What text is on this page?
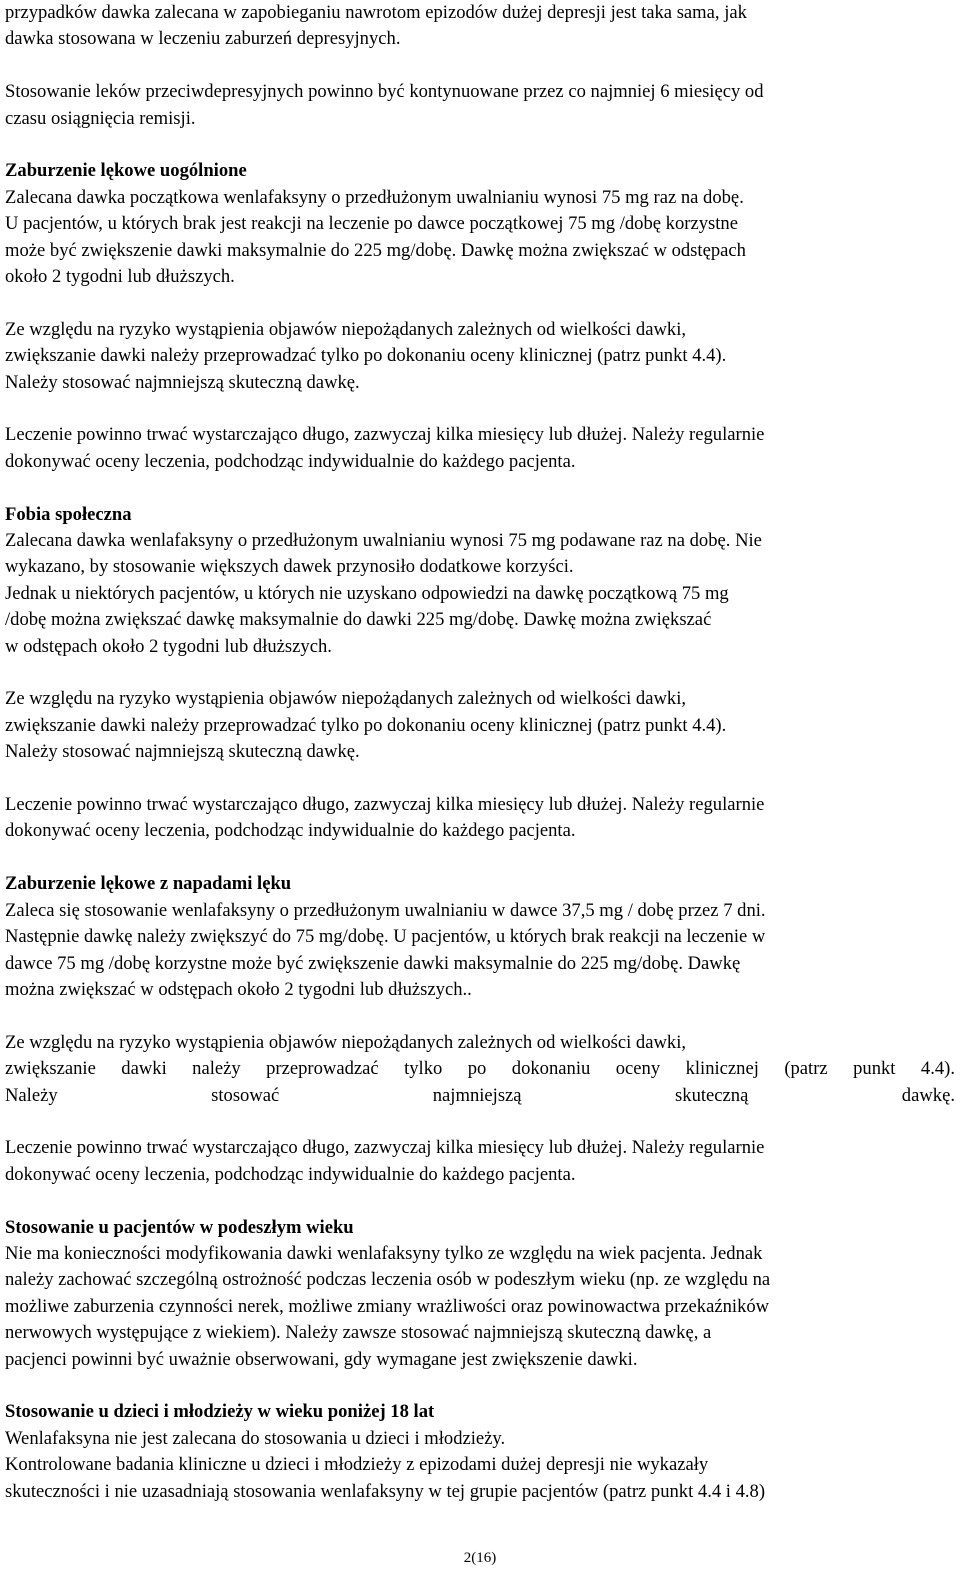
przypadków dawka zalecana w zapobieganiu nawrotom epizodów dużej depresji jest taka sama, jak
dawka stosowana w leczeniu zaburzeń depresyjnych.
Stosowanie leków przeciwdepresyjnych powinno być kontynuowane przez co najmniej 6 miesięcy od
czasu osiągnięcia remisji.
Zaburzenie lękowe uogólnione
Zalecana dawka początkowa wenlafaksyny o przedłużonym uwalnianiu wynosi 75 mg raz na dobę.
U pacjentów, u których brak jest reakcji na leczenie po dawce początkowej 75 mg /dobę korzystne
może być zwiększenie dawki maksymalnie do 225 mg/dobę. Dawkę można zwiększać w odstępach
około 2 tygodni lub dłuższych.
Ze względu na ryzyko wystąpienia objawów niepożądanych zależnych od wielkości dawki,
zwiększanie dawki należy przeprowadzać tylko po dokonaniu oceny klinicznej (patrz punkt 4.4).
Należy stosować najmniejszą skuteczną dawkę.
Leczenie powinno trwać wystarczająco długo, zazwyczaj kilka miesięcy lub dłużej. Należy regularnie
dokonywać oceny leczenia, podchodząc indywidualnie do każdego pacjenta.
Fobia społeczna
Zalecana dawka wenlafaksyny o przedłużonym uwalnianiu wynosi 75 mg podawane raz na dobę. Nie
wykazano, by stosowanie większych dawek przynosiło dodatkowe korzyści.
Jednak u niektórych pacjentów, u których nie uzyskano odpowiedzi na dawkę początkową 75 mg
/dobę można zwiększać dawkę maksymalnie do dawki 225 mg/dobę. Dawkę można zwiększać
w odstępach około 2 tygodni lub dłuższych.
Ze względu na ryzyko wystąpienia objawów niepożądanych zależnych od wielkości dawki,
zwiększanie dawki należy przeprowadzać tylko po dokonaniu oceny klinicznej (patrz punkt 4.4).
Należy stosować najmniejszą skuteczną dawkę.
Leczenie powinno trwać wystarczająco długo, zazwyczaj kilka miesięcy lub dłużej. Należy regularnie
dokonywać oceny leczenia, podchodząc indywidualnie do każdego pacjenta.
Zaburzenie lękowe z napadami lęku
Zaleca się stosowanie wenlafaksyny o przedłużonym uwalnianiu w dawce 37,5 mg / dobę przez 7 dni.
Następnie dawkę należy zwiększyć do 75 mg/dobę. U pacjentów, u których brak reakcji na leczenie w
dawce 75 mg /dobę korzystne może być zwiększenie dawki maksymalnie do 225 mg/dobę. Dawkę
można zwiększać w odstępach około 2 tygodni lub dłuższych..
Ze względu na ryzyko wystąpienia objawów niepożądanych zależnych od wielkości dawki,
zwiększanie dawki należy przeprowadzać tylko po dokonaniu oceny klinicznej (patrz punkt 4.4).
Należy stosować najmniejszą skuteczną dawkę.
Leczenie powinno trwać wystarczająco długo, zazwyczaj kilka miesięcy lub dłużej. Należy regularnie
dokonywać oceny leczenia, podchodząc indywidualnie do każdego pacjenta.
Stosowanie u pacjentów w podeszłym wieku
Nie ma konieczności modyfikowania dawki wenlafaksyny tylko ze względu na wiek pacjenta. Jednak
należy zachować szczególną ostrożność podczas leczenia osób w podeszłym wieku (np. ze względu na
możliwe zaburzenia czynności nerek, możliwe zmiany wrażliwości oraz powinowactwa przekaźników
nerwowych występujące z wiekiem). Należy zawsze stosować najmniejszą skuteczną dawkę, a
pacjenci powinni być uważnie obserwowani, gdy wymagane jest zwiększenie dawki.
Stosowanie u dzieci i młodzieży w wieku poniżej 18 lat
Wenlafaksyna nie jest zalecana do stosowania u dzieci i młodzieży.
Kontrolowane badania kliniczne u dzieci i młodzieży z epizodami dużej depresji nie wykazały
skuteczności i nie uzasadniają stosowania wenlafaksyny w tej grupie pacjentów (patrz punkt 4.4 i 4.8)
2(16)
